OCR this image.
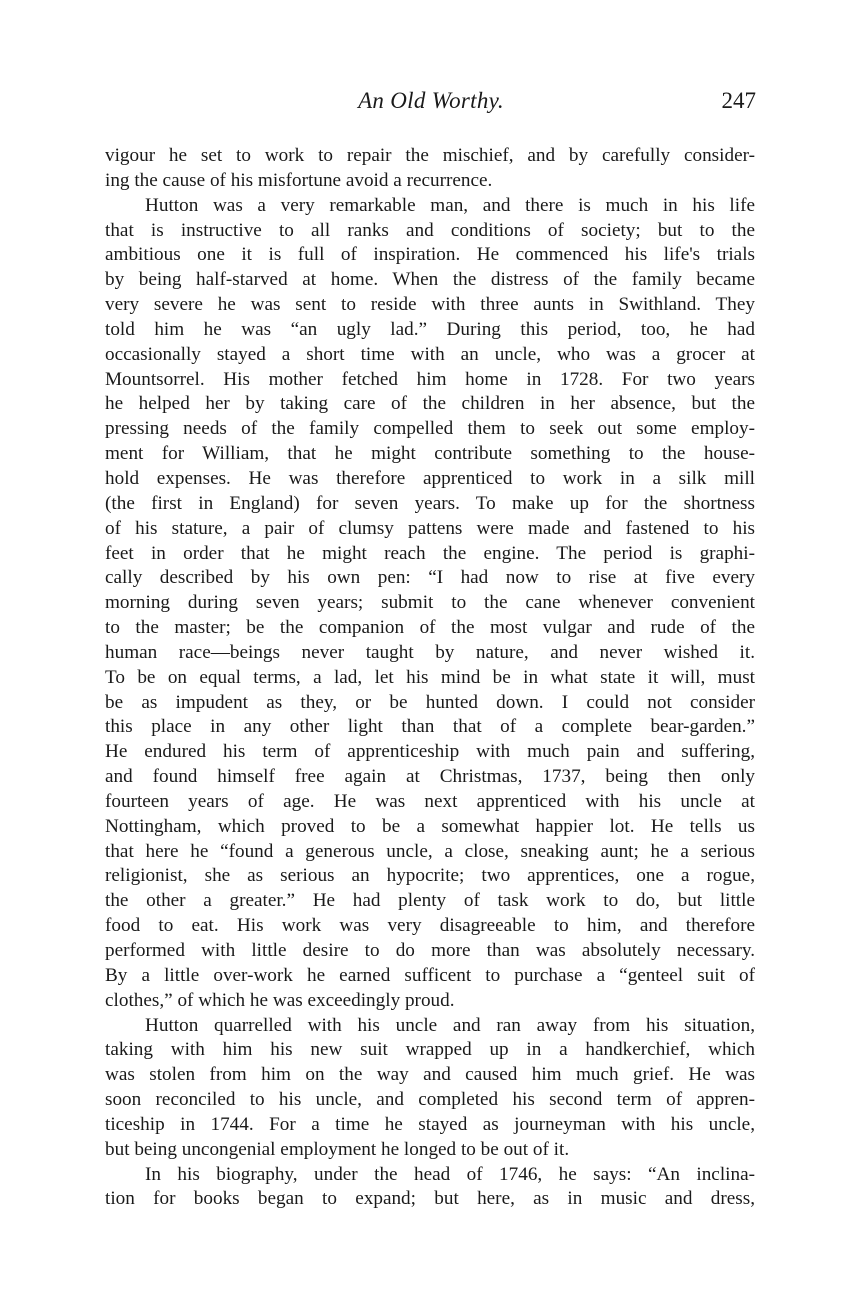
An Old Worthy.	247
vigour he set to work to repair the mischief, and by carefully consider-
ing the cause of his misfortune avoid a recurrence.
Hutton was a very remarkable man, and there is much in his life
that is instructive to all ranks and conditions of society; but to the
ambitious one it is full of inspiration. He commenced his life's trials
by being half-starved at home. When the distress of the family became
very severe he was sent to reside with three aunts in Swithland. They
told him he was “an ugly lad.” During this period, too, he had
occasionally stayed a short time with an uncle, who was a grocer at
Mountsorrel. His mother fetched him home in 1728. For two years
he helped her by taking care of the children in her absence, but the
pressing needs of the family compelled them to seek out some employ-
ment for William, that he might contribute something to the house-
hold expenses. He was therefore apprenticed to work in a silk mill
(the first in England) for seven years. To make up for the shortness
of his stature, a pair of clumsy pattens were made and fastened to his
feet in order that he might reach the engine. The period is graphi-
cally described by his own pen: “I had now to rise at five every
morning during seven years; submit to the cane whenever convenient
to the master; be the companion of the most vulgar and rude of the
human race—beings never taught by nature, and never wished it.
To be on equal terms, a lad, let his mind be in what state it will, must
be as impudent as they, or be hunted down. I could not consider
this place in any other light than that of a complete bear-garden.”
He endured his term of apprenticeship with much pain and suffering,
and found himself free again at Christmas, 1737, being then only
fourteen years of age. He was next apprenticed with his uncle at
Nottingham, which proved to be a somewhat happier lot. He tells us
that here he “found a generous uncle, a close, sneaking aunt; he a serious
religionist, she as serious an hypocrite; two apprentices, one a rogue,
the other a greater.” He had plenty of task work to do, but little
food to eat. His work was very disagreeable to him, and therefore
performed with little desire to do more than was absolutely necessary.
By a little over-work he earned sufficent to purchase a “genteel suit of
clothes,” of which he was exceedingly proud.
Hutton quarrelled with his uncle and ran away from his situation,
taking with him his new suit wrapped up in a handkerchief, which
was stolen from him on the way and caused him much grief. He was
soon reconciled to his uncle, and completed his second term of appren-
ticeship in 1744. For a time he stayed as journeyman with his uncle,
but being uncongenial employment he longed to be out of it.
In his biography, under the head of 1746, he says: “An inclina-
tion for books began to expand; but here, as in music and dress,
